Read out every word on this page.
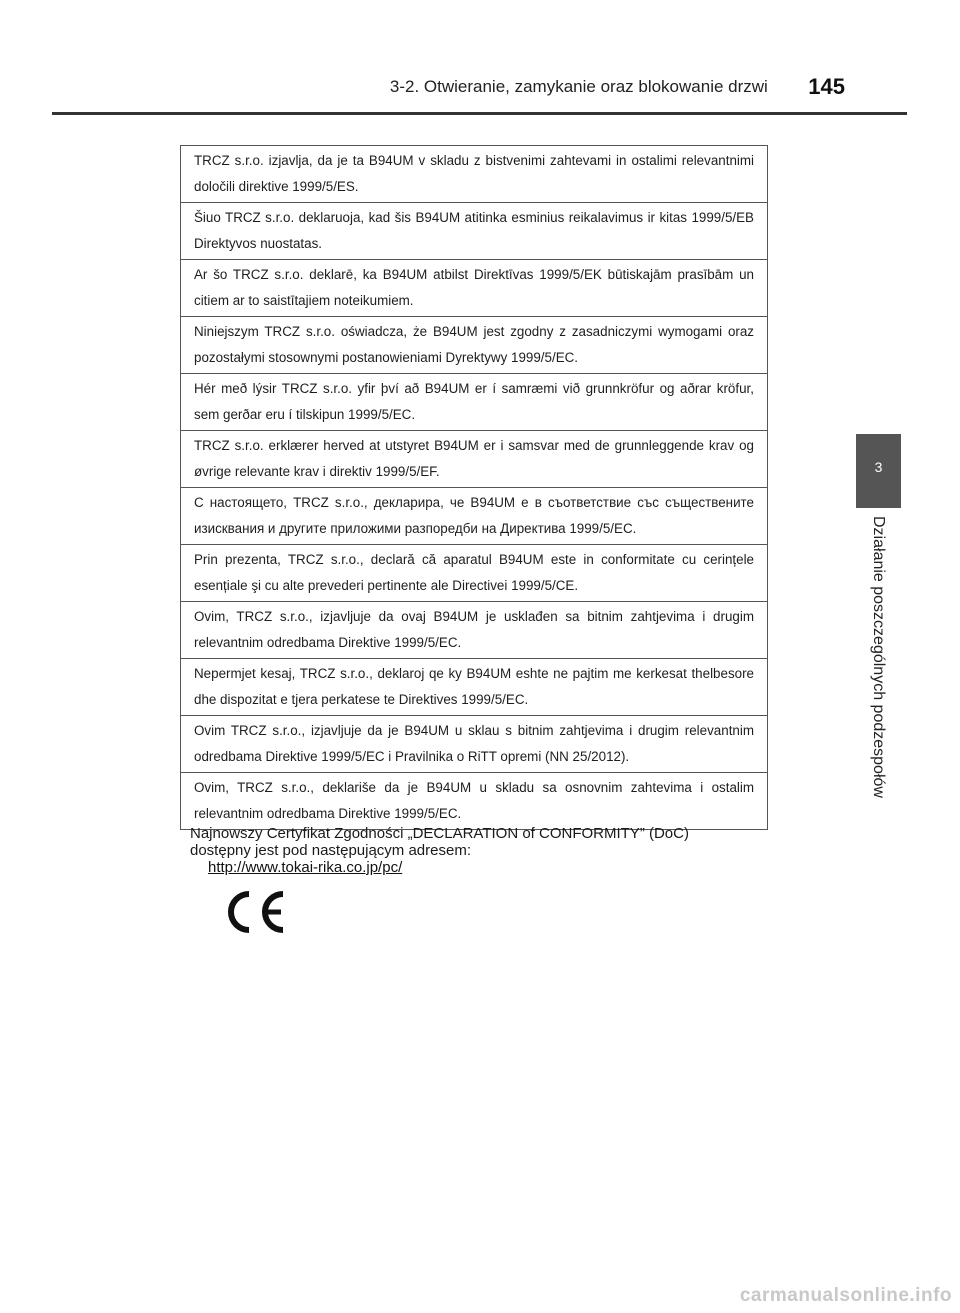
3-2. Otwieranie, zamykanie oraz blokowanie drzwi 145
3
Działanie poszczególnych podzespołów
TRCZ s.r.o. izjavlja, da je ta B94UM v skladu z bistvenimi zahtevami in ostalimi relevantnimi določili direktive 1999/5/ES.
Šiuo TRCZ s.r.o. deklaruoja, kad šis B94UM atitinka esminius reikalavimus ir kitas 1999/5/EB Direktyvos nuostatas.
Ar šo TRCZ s.r.o. deklarē, ka B94UM atbilst Direktīvas 1999/5/EK būtiskajām prasībām un citiem ar to saistītajiem noteikumiem.
Niniejszym TRCZ s.r.o. oświadcza, że B94UM jest zgodny z zasadniczymi wymogami oraz pozostałymi stosownymi postanowieniami Dyrektywy 1999/5/EC.
Hér með lýsir TRCZ s.r.o. yfir því að B94UM er í samræmi við grunnkröfur og aðrar kröfur, sem gerðar eru í tilskipun 1999/5/EC.
TRCZ s.r.o. erklærer herved at utstyret B94UM er i samsvar med de grunnleggende krav og øvrige relevante krav i direktiv 1999/5/EF.
С настоящето, TRCZ s.r.o., декларира, че B94UM е в съответствие със съществените изисквания и другите приложими разпоредби на Директива 1999/5/EC.
Prin prezenta, TRCZ s.r.o., declară că aparatul B94UM este in conformitate cu cerințele esențiale şi cu alte prevederi pertinente ale Directivei 1999/5/CE.
Ovim, TRCZ s.r.o., izjavljuje da ovaj B94UM je usklađen sa bitnim zahtjevima i drugim relevantnim odredbama Direktive 1999/5/EC.
Nepermjet kesaj, TRCZ s.r.o., deklaroj qe ky B94UM eshte ne pajtim me kerkesat thelbesore dhe dispozitat e tjera perkatese te Direktives 1999/5/EC.
Ovim TRCZ s.r.o., izjavljuje da je B94UM u sklau s bitnim zahtjevima i drugim relevantnim odredbama Direktive 1999/5/EC i Pravilnika o RiTT opremi (NN 25/2012).
Ovim, TRCZ s.r.o., deklariše da je B94UM u skladu sa osnovnim zahtevima i ostalim relevantnim odredbama Direktive 1999/5/EC.
Najnowszy Certyfikat Zgodności „DECLARATION of CONFORMITY” (DoC)
dostępny jest pod następującym adresem:
http://www.tokai-rika.co.jp/pc/
carmanualsonline.info
